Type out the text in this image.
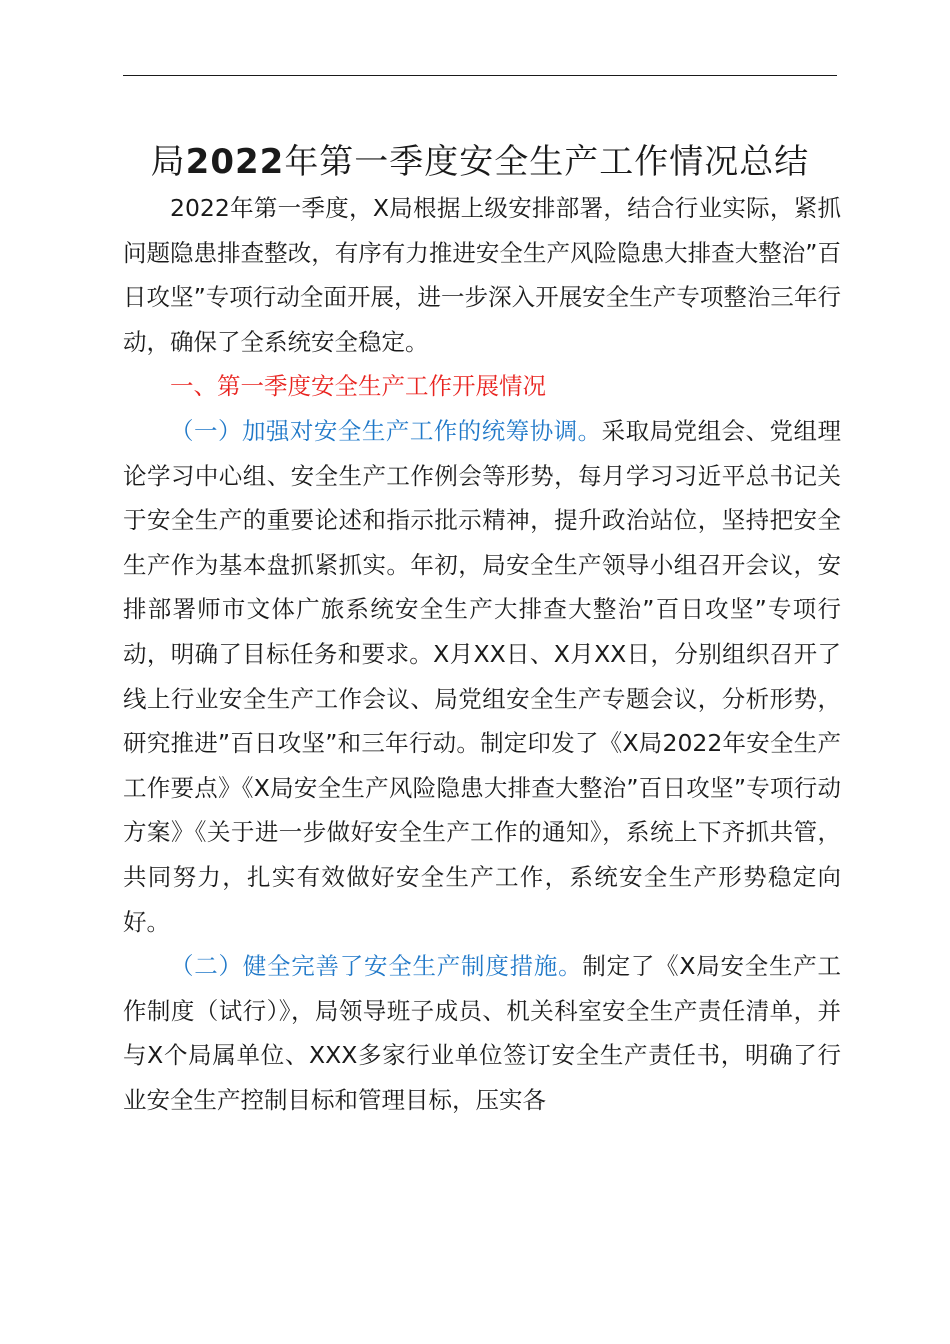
局2022年第一季度安全生产工作情况总结

2022年第一季度，X局根据上级安排部署，结合行业实际，紧抓问题隐患排查整改，有序有力推进安全生产风险隐患大排查大整治”百日攻坚”专项行动全面开展，进一步深入开展安全生产专项整治三年行动，确保了全系统安全稳定。

一、第一季度安全生产工作开展情况

（一）加强对安全生产工作的统筹协调。采取局党组会、党组理论学习中心组、安全生产工作例会等形势，每月学习习近平总书记关于安全生产的重要论述和指示批示精神，提升政治站位，坚持把安全生产作为基本盘抓紧抓实。年初，局安全生产领导小组召开会议，安排部署师市文体广旅系统安全生产大排查大整治”百日攻坚”专项行动，明确了目标任务和要求。X月XX日、X月XX日，分别组织召开了线上行业安全生产工作会议、局党组安全生产专题会议，分析形势，研究推进”百日攻坚”和三年行动。制定印发了《X局2022年安全生产工作要点》《X局安全生产风险隐患大排查大整治”百日攻坚”专项行动方案》《关于进一步做好安全生产工作的通知》，系统上下齐抓共管，共同努力，扎实有效做好安全生产工作，系统安全生产形势稳定向好。

（二）健全完善了安全生产制度措施。制定了《X局安全生产工作制度（试行）》，局领导班子成员、机关科室安全生产责任清单，并与X个局属单位、XXX多家行业单位签订安全生产责任书，明确了行业安全生产控制目标和管理目标，压实各
